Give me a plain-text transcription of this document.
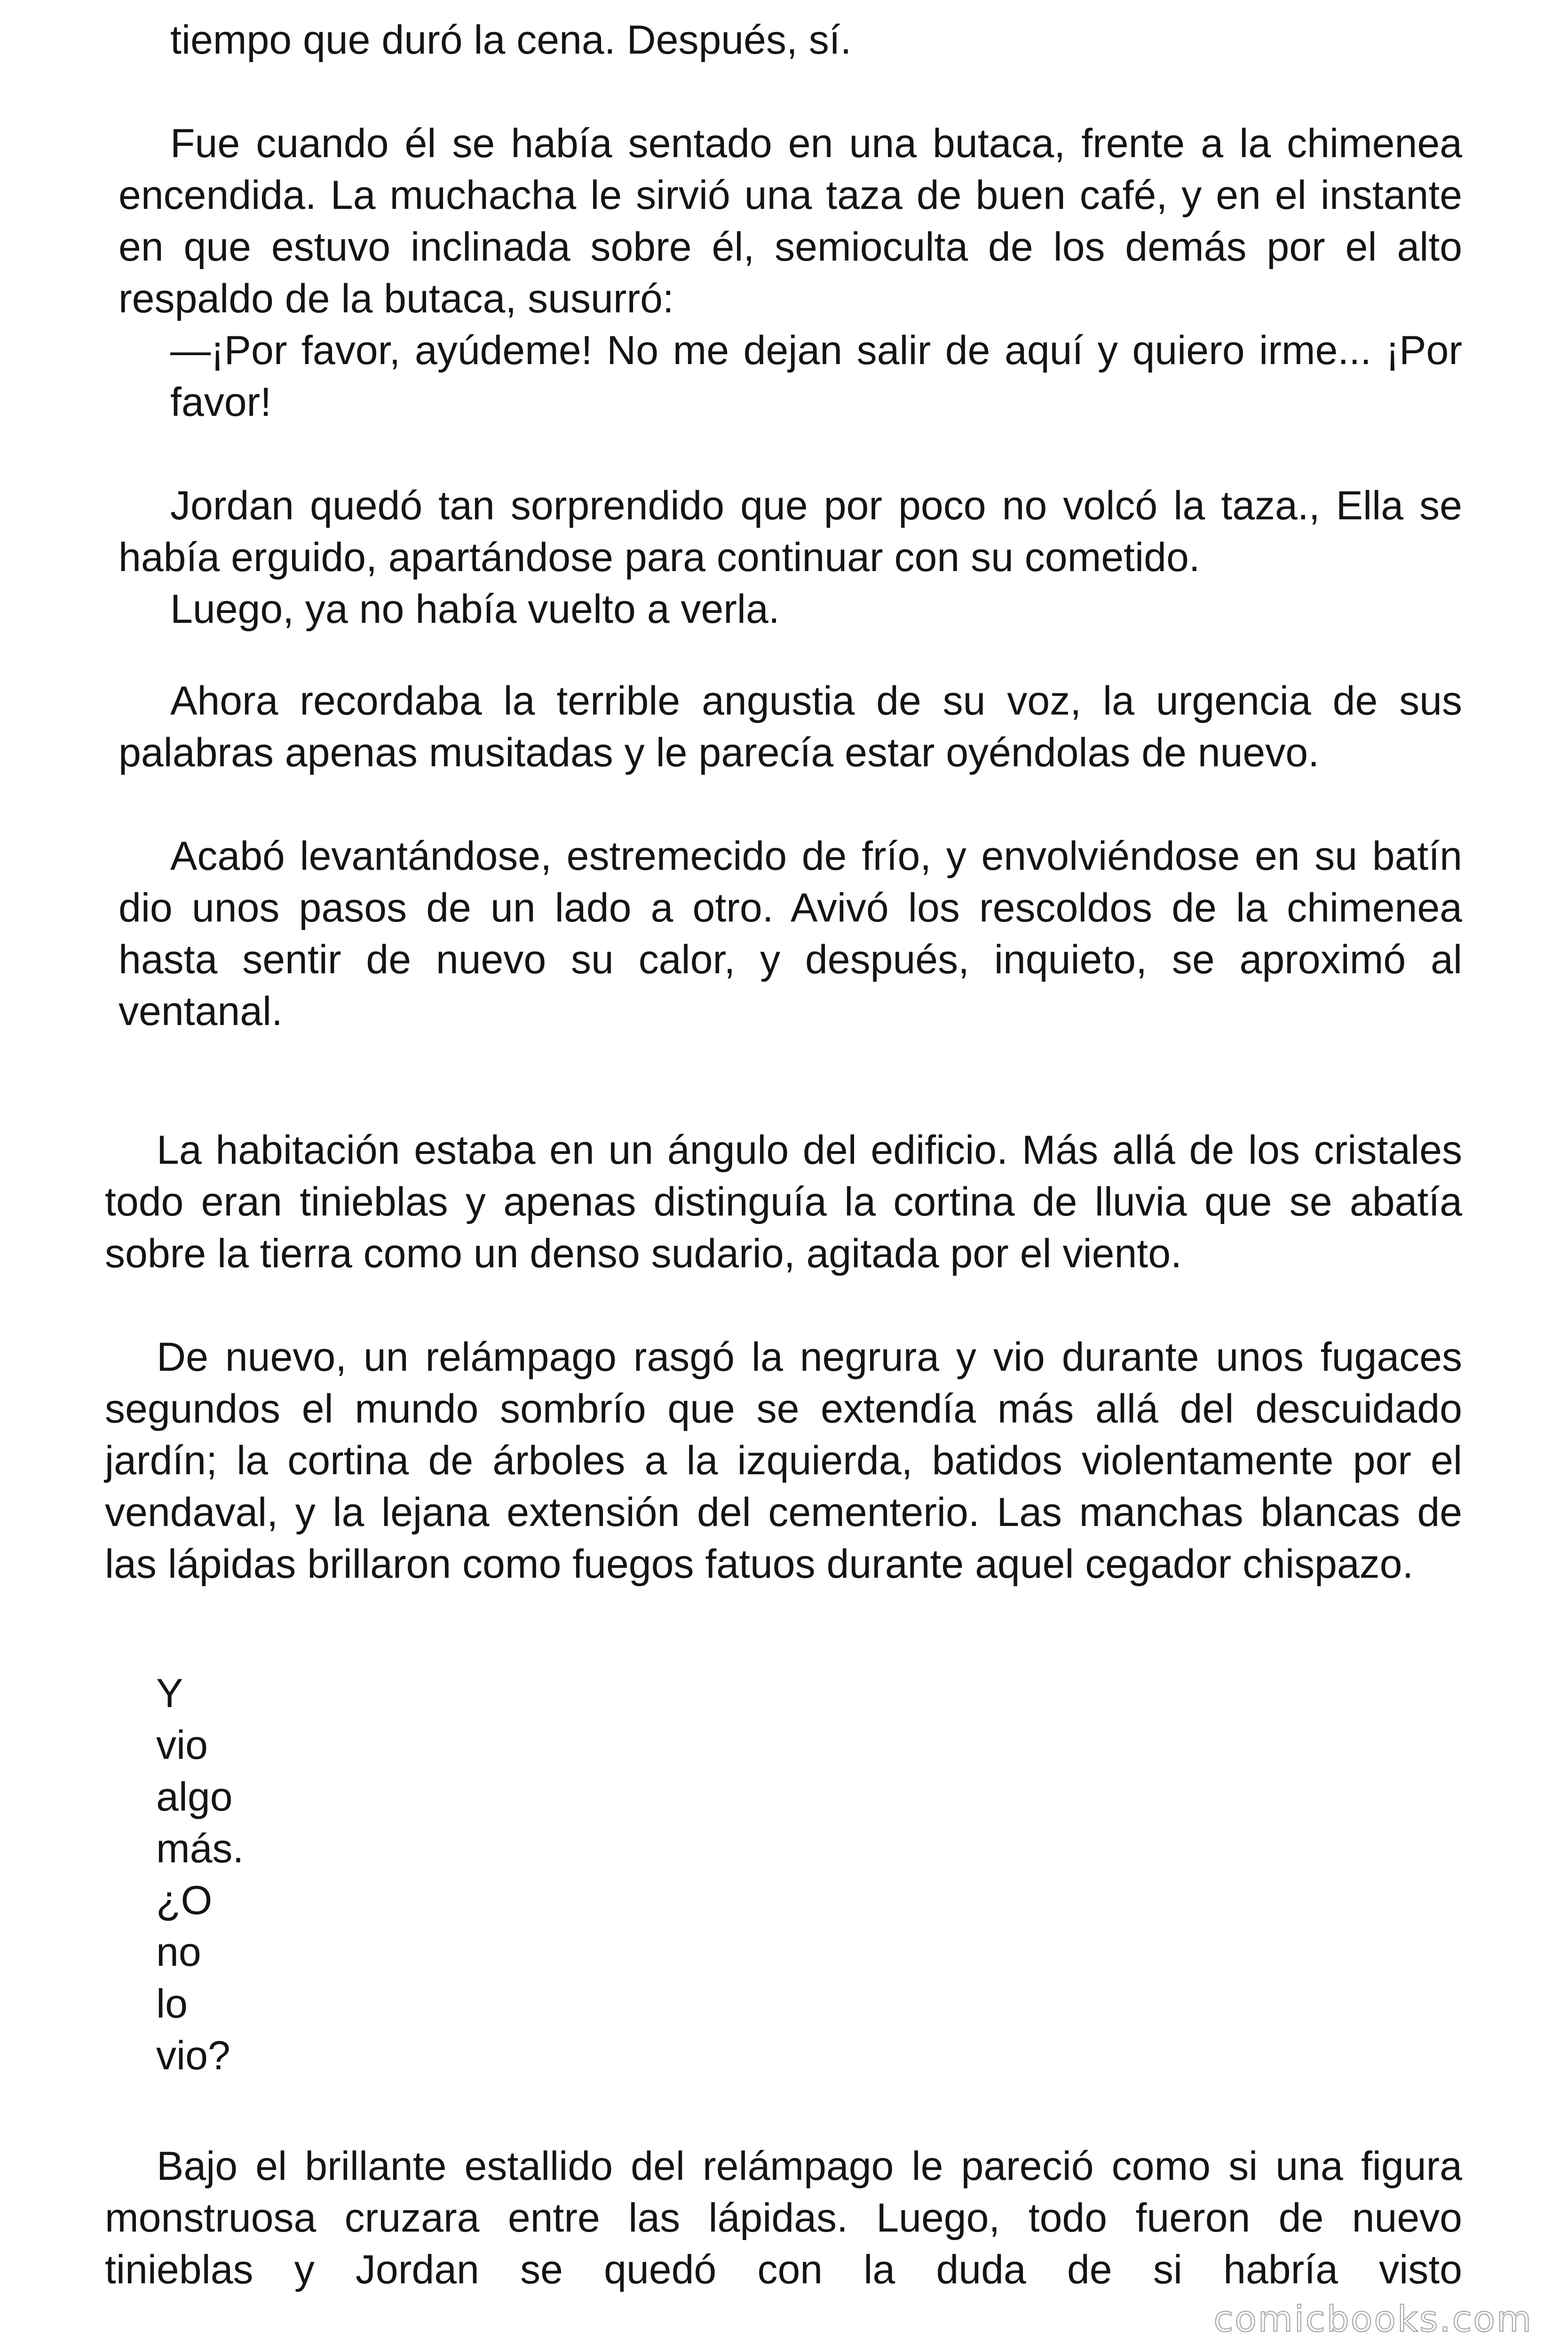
tiempo que duró la cena. Después, sí.

Fue cuando él se había sentado en una butaca, frente a la chimenea encendida. La muchacha le sirvió una taza de buen café, y en el instante en que estuvo inclinada sobre él, semioculta de los demás por el alto respaldo de la butaca, susurró:

—¡Por favor, ayúdeme! No me dejan salir de aquí y quiero irme... ¡Por favor!

Jordan quedó tan sorprendido que por poco no volcó la taza., Ella se había erguido, apartándose para continuar con su cometido.

Luego, ya no había vuelto a verla.

Ahora recordaba la terrible angustia de su voz, la urgencia de sus palabras apenas musitadas y le parecía estar oyéndolas de nuevo.

Acabó levantándose, estremecido de frío, y envolviéndose en su batín dio unos pasos de un lado a otro. Avivó los rescoldos de la chimenea hasta sentir de nuevo su calor, y después, inquieto, se aproximó al ventanal.

La habitación estaba en un ángulo del edificio. Más allá de los cristales todo eran tinieblas y apenas distinguía la cortina de lluvia que se abatía sobre la tierra como un denso sudario, agitada por el viento.

De nuevo, un relámpago rasgó la negrura y vio durante unos fugaces segundos el mundo sombrío que se extendía más allá del descuidado jardín; la cortina de árboles a la izquierda, batidos violentamente por el vendaval, y la lejana extensión del cementerio. Las manchas blancas de las lápidas brillaron como fuegos fatuos durante aquel cegador chispazo.

Y
vio
algo
más.
¿O
no
lo
vio?

Bajo el brillante estallido del relámpago le pareció como si una figura monstruosa cruzara entre las lápidas. Luego, todo fueron de nuevo tinieblas y Jordan se quedó con la duda de si habría visto

comicbooks.com
